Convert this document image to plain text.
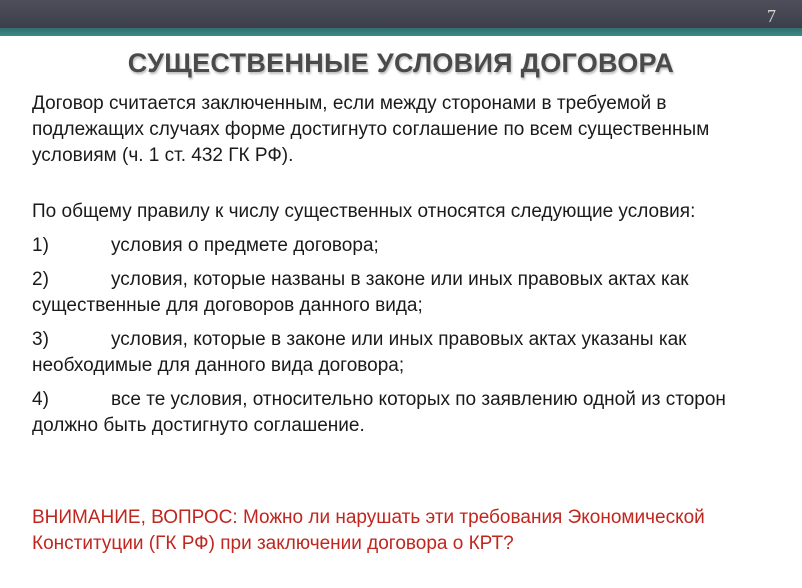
7
СУЩЕСТВЕННЫЕ УСЛОВИЯ ДОГОВОРА

Договор считается заключенным, если между сторонами в требуемой в подлежащих случаях форме достигнуто соглашение по всем существенным условиям (ч. 1 ст. 432 ГК РФ).

По общему правилу к числу существенных относятся следующие условия:

1)	условия о предмете договора;
2)	условия, которые названы в законе или иных правовых актах как существенные для договоров данного вида;
3)	условия, которые в законе или иных правовых актах указаны как необходимые для данного вида договора;
4)	все те условия, относительно которых по заявлению одной из сторон должно быть достигнуто соглашение.
ВНИМАНИЕ, ВОПРОС: Можно ли нарушать эти требования Экономической Конституции (ГК РФ) при заключении договора о КРТ?
